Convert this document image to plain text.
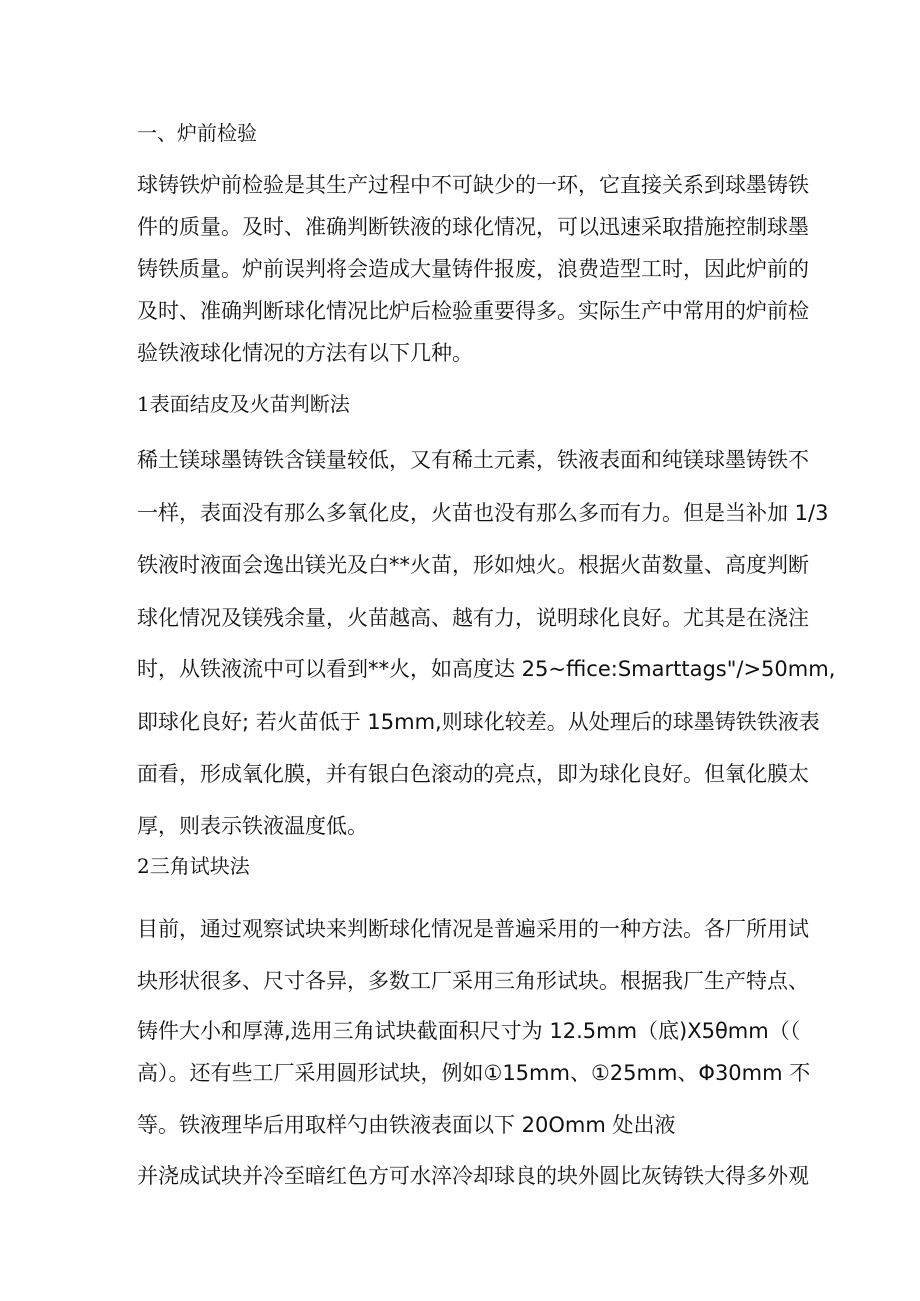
一、炉前检验
球铸铁炉前检验是其生产过程中不可缺少的一环，它直接关系到球墨铸铁
件的质量。及时、准确判断铁液的球化情况，可以迅速采取措施控制球墨
铸铁质量。炉前误判将会造成大量铸件报废，浪费造型工时，因此炉前的
及时、准确判断球化情况比炉后检验重要得多。实际生产中常用的炉前检
验铁液球化情况的方法有以下几种。
1表面结皮及火苗判断法
稀土镁球墨铸铁含镁量较低，又有稀土元素，铁液表面和纯镁球墨铸铁不
一样，表面没有那么多氧化皮，火苗也没有那么多而有力。但是当补加 1/3
铁液时液面会逸出镁光及白**火苗，形如烛火。根据火苗数量、高度判断
球化情况及镁残余量，火苗越高、越有力，说明球化良好。尤其是在浇注
时，从铁液流中可以看到**火，如高度达 25~ffice:Smarttags"/>50mm,
即球化良好; 若火苗低于 15mm,则球化较差。从处理后的球墨铸铁铁液表
面看，形成氧化膜，并有银白色滚动的亮点，即为球化良好。但氧化膜太
厚，则表示铁液温度低。
2三角试块法
目前，通过观察试块来判断球化情况是普遍采用的一种方法。各厂所用试
块形状很多、尺寸各异，多数工厂采用三角形试块。根据我厂生产特点、
铸件大小和厚薄,选用三角试块截面积尺寸为 12.5mm（底)X5θmm（（
高）。还有些工厂采用圆形试块，例如①15mm、①25mm、Φ30mm 不
等。铁液理毕后用取样勺由铁液表面以下 20Omm 处出液
并浇成试块并冷至暗红色方可水淬冷却球良的块外圆比灰铸铁大得多外观
